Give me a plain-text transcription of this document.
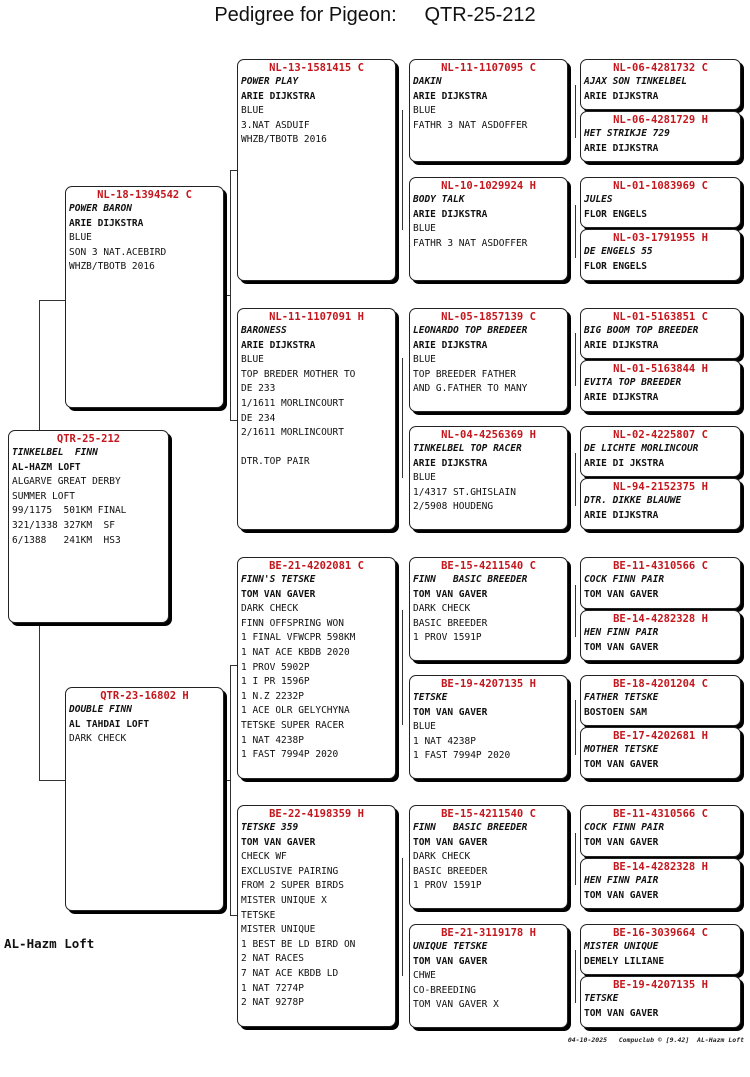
Pedigree for Pigeon: QTR-25-212
QTR-25-212
TINKELBEL  FINN
AL-HAZM LOFT
ALGARVE GREAT DERBY
SUMMER LOFT
99/1175  501KM FINAL
321/1338 327KM  SF
6/1388   241KM  HS3
NL-18-1394542 C
POWER BARON
ARIE DIJKSTRA
BLUE
SON 3 NAT.ACEBIRD
WHZB/TBOTB 2016
QTR-23-16802 H
DOUBLE FINN
AL TAHDAI LOFT
DARK CHECK
NL-13-1581415 C
POWER PLAY
ARIE DIJKSTRA
BLUE
3.NAT ASDUIF
WHZB/TBOTB 2016
NL-11-1107091 H
BARONESS
ARIE DIJKSTRA
BLUE
TOP BREDER MOTHER TO
DE 233
1/1611 MORLINCOURT
DE 234
2/1611 MORLINCOURT

DTR.TOP PAIR
BE-21-4202081 C
FINN'S TETSKE
TOM VAN GAVER
DARK CHECK
FINN OFFSPRING WON
1 FINAL VFWCPR 598KM
1 NAT ACE KBDB 2020
1 PROV 5902P
1 I PR 1596P
1 N.Z 2232P
1 ACE OLR GELYCHYNA
TETSKE SUPER RACER
1 NAT 4238P
1 FAST 7994P 2020
BE-22-4198359 H
TETSKE 359
TOM VAN GAVER
CHECK WF
EXCLUSIVE PAIRING
FROM 2 SUPER BIRDS
MISTER UNIQUE X
TETSKE
MISTER UNIQUE
1 BEST BE LD BIRD ON
2 NAT RACES
7 NAT ACE KBDB LD
1 NAT 7274P
2 NAT 9278P
NL-11-1107095 C
DAKIN
ARIE DIJKSTRA
BLUE
FATHR 3 NAT ASDOFFER
NL-10-1029924 H
BODY TALK
ARIE DIJKSTRA
BLUE
FATHR 3 NAT ASDOFFER
NL-05-1857139 C
LEONARDO TOP BREDEER
ARIE DIJKSTRA
BLUE
TOP BREEDER FATHER
AND G.FATHER TO MANY
NL-04-4256369 H
TINKELBEL TOP RACER
ARIE DIJKSTRA
BLUE
1/4317 ST.GHISLAIN
2/5908 HOUDENG
BE-15-4211540 C
FINN   BASIC BREEDER
TOM VAN GAVER
DARK CHECK
BASIC BREEDER
1 PROV 1591P
BE-19-4207135 H
TETSKE
TOM VAN GAVER
BLUE
1 NAT 4238P
1 FAST 7994P 2020
BE-15-4211540 C
FINN   BASIC BREEDER
TOM VAN GAVER
DARK CHECK
BASIC BREEDER
1 PROV 1591P
BE-21-3119178 H
UNIQUE TETSKE
TOM VAN GAVER
CHWE
CO-BREEDING
TOM VAN GAVER X
NL-06-4281732 C
AJAX SON TINKELBEL
ARIE DIJKSTRA
NL-06-4281729 H
HET STRIKJE 729
ARIE DIJKSTRA
NL-01-1083969 C
JULES
FLOR ENGELS
NL-03-1791955 H
DE ENGELS 55
FLOR ENGELS
NL-01-5163851 C
BIG BOOM TOP BREEDER
ARIE DIJKSTRA
NL-01-5163844 H
EVITA TOP BREEDER
ARIE DIJKSTRA
NL-02-4225807 C
DE LICHTE MORLINCOUR
ARIE DI JKSTRA
NL-94-2152375 H
DTR. DIKKE BLAUWE
ARIE DIJKSTRA
BE-11-4310566 C
COCK FINN PAIR
TOM VAN GAVER
BE-14-4282328 H
HEN FINN PAIR
TOM VAN GAVER
BE-18-4201204 C
FATHER TETSKE
BOSTOEN SAM
BE-17-4202681 H
MOTHER TETSKE
TOM VAN GAVER
BE-11-4310566 C
COCK FINN PAIR
TOM VAN GAVER
BE-14-4282328 H
HEN FINN PAIR
TOM VAN GAVER
BE-16-3039664 C
MISTER UNIQUE
DEMELY LILIANE
BE-19-4207135 H
TETSKE
TOM VAN GAVER
AL-Hazm Loft
04-10-2025   Compuclub © [9.42]  AL-Hazm Loft
